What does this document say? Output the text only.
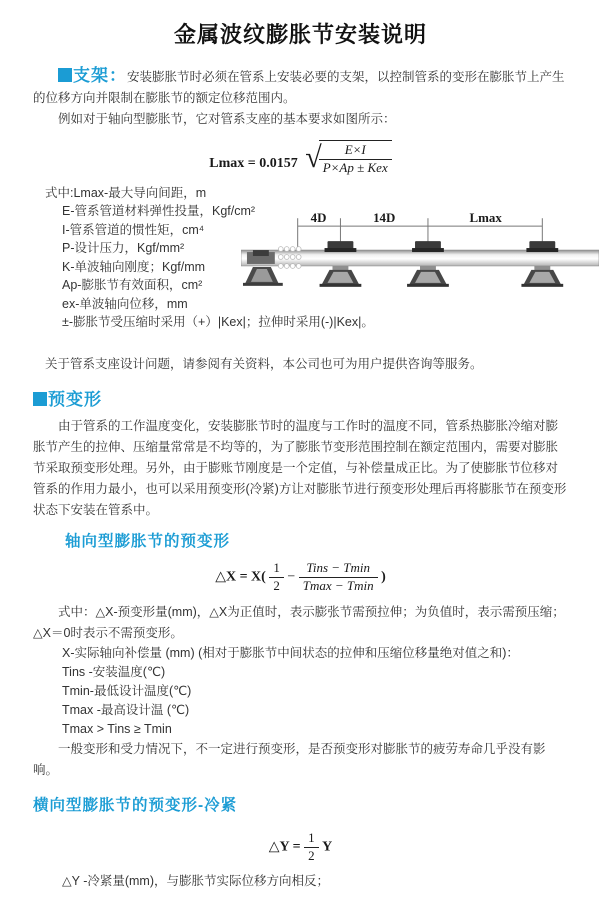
金属波纹膨胀节安装说明
支架：安装膨胀节时必须在管系上安装必要的支架，以控制管系的变形在膨胀节上产生的位移方向并限制在膨胀节的额定位移范围内。
例如对于轴向型膨胀节，它对管系支座的基本要求如图所示：
Lmax = 0.0157 √
$\frac{E\times I}{\text{P×Ap ± Kex}}$
式中:Lmax-最大导向间距，m
E-管系管道材料弹性投量，Kgf/cm²
I-管系管道的惯性矩，cm⁴
P-设计压力，Kgf/mm²
K-单波轴向刚度；Kgf/mm
Ap-膨胀节有效面积，cm²
ex-单波轴向位移，mm
±-膨胀节受压缩时采用（+）|Kex|；拉伸时采用(-)|Kex|。
4D	14D	Lmax
关于管系支座设计问题，请参阅有关资料，本公司也可为用户提供咨询等服务。
预变形
由于管系的工作温度变化，安装膨胀节时的温度与工作时的温度不同，管系热膨胀冷缩对膨胀节产生的拉伸、压缩量常常是不均等的，为了膨胀节变形范围控制在额定范围内，需要对膨胀节采取预变形处理。另外，由于膨账节刚度是一个定值，与补偿量成正比。为了使膨胀节位移对管系的作用力最小，也可以采用预变形(冷紧)方让对膨胀节进行预变形处理后再将膨胀节在预变形状态下安装在管系中。
轴向型膨胀节的预变形
△X = $X( \frac{1}{2} - \frac{\text{Tins − Tmin}}{Tmax - Tmin}$ )
式中：△X-预变形量(mm)，△X为正值时，表示膨张节需预拉伸；为负值时，表示需预压缩；△X＝0时表示不需预变形。
X-实际轴向补偿量 (mm) (相对于膨胀节中间状态的拉伸和压缩位移量绝对值之和)：
Tins -安装温度(℃)
Tmin-最低设计温度(℃)
Tmax -最高设计温 (℃)
Tmax > Tins ≥ Tmin
一般变形和受力情况下，不一定进行预变形，是否预变形对膨胀节的疲劳寿命几乎没有影响。
横向型膨胀节的预变形-冷紧
△Y = $\frac{1}{2}$ Y
△Y -冷紧量(mm)，与膨胀节实际位移方向相反；
